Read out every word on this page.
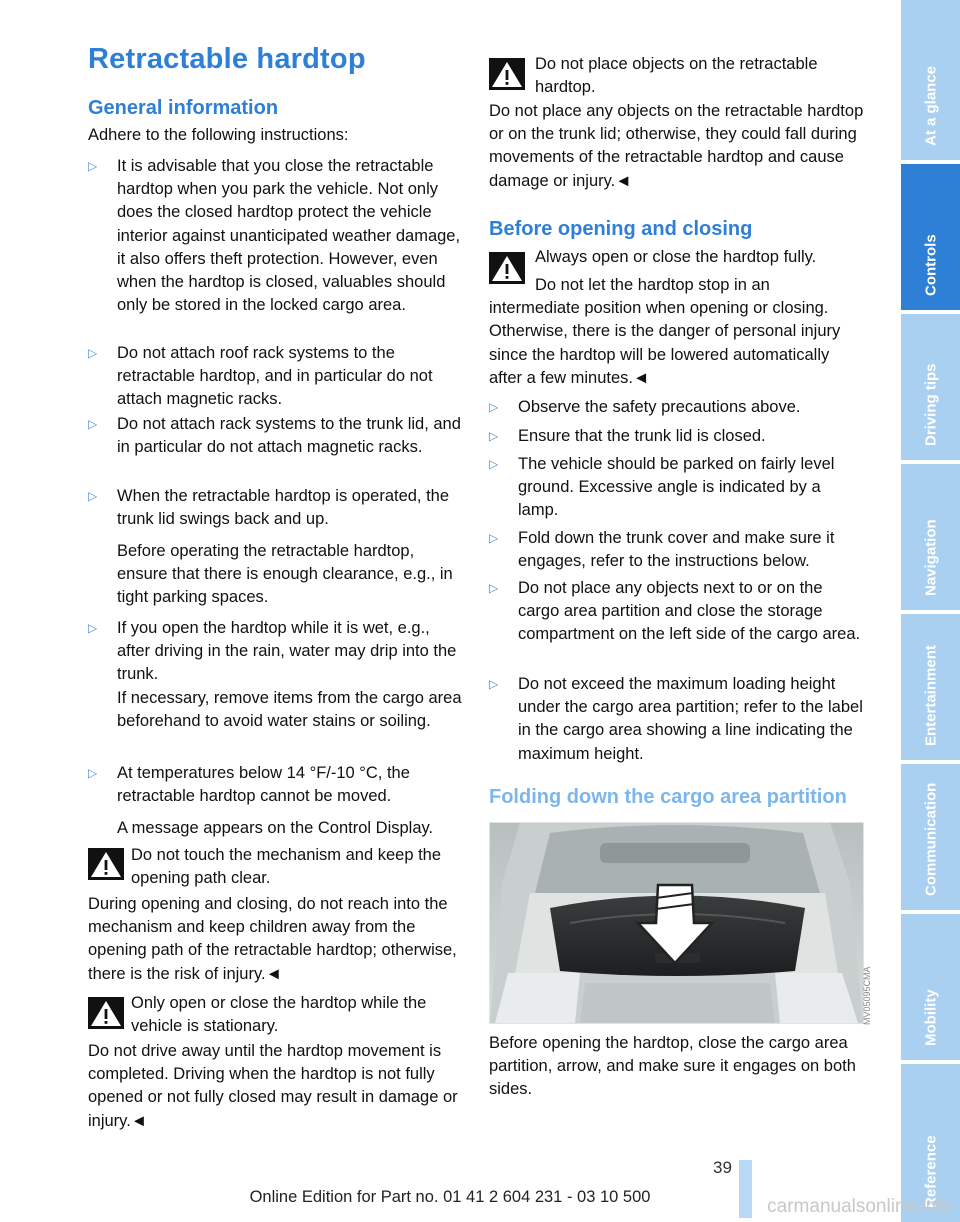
Retractable hardtop
General information

Adhere to the following instructions:

▷ It is advisable that you close the retractable hardtop when you park the vehicle. Not only does the closed hardtop protect the vehicle interior against unanticipated weather damage, it also offers theft protection. However, even when the hardtop is closed, valuables should only be stored in the locked cargo area.
▷ Do not attach roof rack systems to the retractable hardtop, and in particular do not attach magnetic racks.
▷ Do not attach rack systems to the trunk lid, and in particular do not attach magnetic racks.
▷ When the retractable hardtop is operated, the trunk lid swings back and up.

Before operating the retractable hardtop, ensure that there is enough clearance, e.g., in tight parking spaces.

▷ If you open the hardtop while it is wet, e.g., after driving in the rain, water may drip into the trunk.

If necessary, remove items from the cargo area beforehand to avoid water stains or soiling.

▷ At temperatures below 14 °F/-10 °C, the retractable hardtop cannot be moved.

A message appears on the Control Display.

Do not touch the mechanism and keep the opening path clear.

During opening and closing, do not reach into the mechanism and keep children away from the opening path of the retractable hardtop; otherwise, there is the risk of injury.◄

Only open or close the hardtop while the vehicle is stationary.

Do not drive away until the hardtop movement is completed. Driving when the hardtop is not fully opened or not fully closed may result in damage or injury.◄

Do not place objects on the retractable hardtop.

Do not place any objects on the retractable hardtop or on the trunk lid; otherwise, they could fall during movements of the retractable hardtop and cause damage or injury.◄

Before opening and closing

Always open or close the hardtop fully.

Do not let the hardtop stop in an intermediate position when opening or closing. Otherwise, there is the danger of personal injury since the hardtop will be lowered automatically after a few minutes.◄

▷ Observe the safety precautions above.
▷ Ensure that the trunk lid is closed.
▷ The vehicle should be parked on fairly level ground. Excessive angle is indicated by a lamp.
▷ Fold down the trunk cover and make sure it engages, refer to the instructions below.
▷ Do not place any objects next to or on the cargo area partition and close the storage compartment on the left side of the cargo area.
▷ Do not exceed the maximum loading height under the cargo area partition; refer to the label in the cargo area showing a line indicating the maximum height.
Folding down the cargo area partition
MV05095CMA

Before opening the hardtop, close the cargo area partition, arrow, and make sure it engages on both sides.

At a glance
Controls
Driving tips
Navigation
Entertainment
Communication
Mobility
Reference
39
Online Edition for Part no. 01 41 2 604 231 - 03 10 500	carmanualsonline.info
